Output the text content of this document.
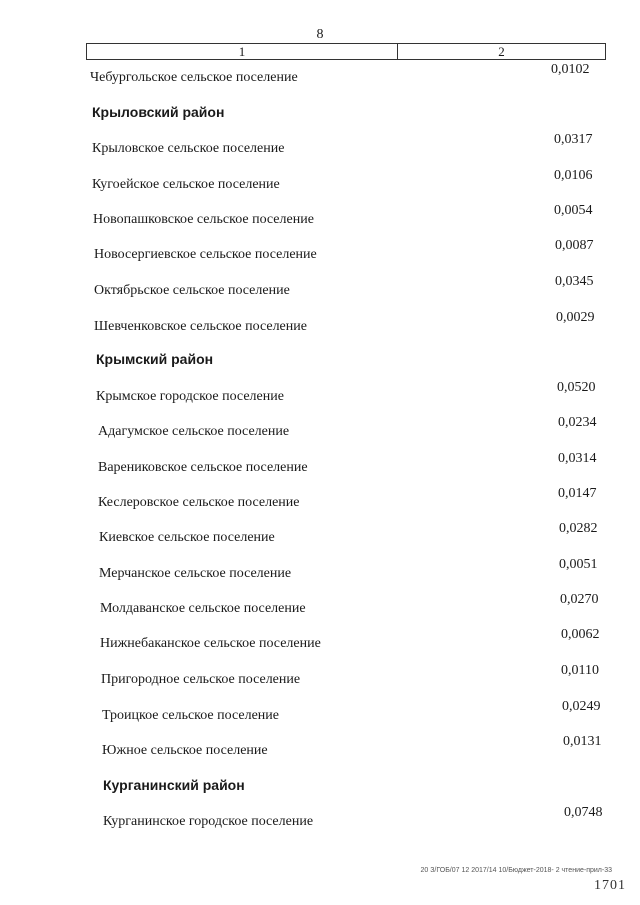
8
1	2
Чебургольское сельское поселение
0,0102
Крыловский район
Крыловское сельское поселение
0,0317
Кугоейское сельское поселение
0,0106
Новопашковское сельское поселение
0,0054
Новосергиевское сельское поселение
0,0087
Октябрьское сельское поселение
0,0345
Шевченковское сельское поселение
0,0029
Крымский район
Крымское городское поселение
0,0520
Адагумское сельское поселение
0,0234
Варениковское сельское поселение
0,0314
Кеслеровское сельское поселение
0,0147
Киевское сельское поселение
0,0282
Мерчанское сельское поселение
0,0051
Молдаванское сельское поселение
0,0270
Нижнебаканское сельское поселение
0,0062
Пригородное сельское поселение
0,0110
Троицкое сельское поселение
0,0249
Южное сельское поселение
0,0131
Курганинский район
Курганинское городское поселение
0,0748
20 З/ГОБ/07 12 2017/14 10/Бюджет-2018- 2 чтение-прил-33
1701
